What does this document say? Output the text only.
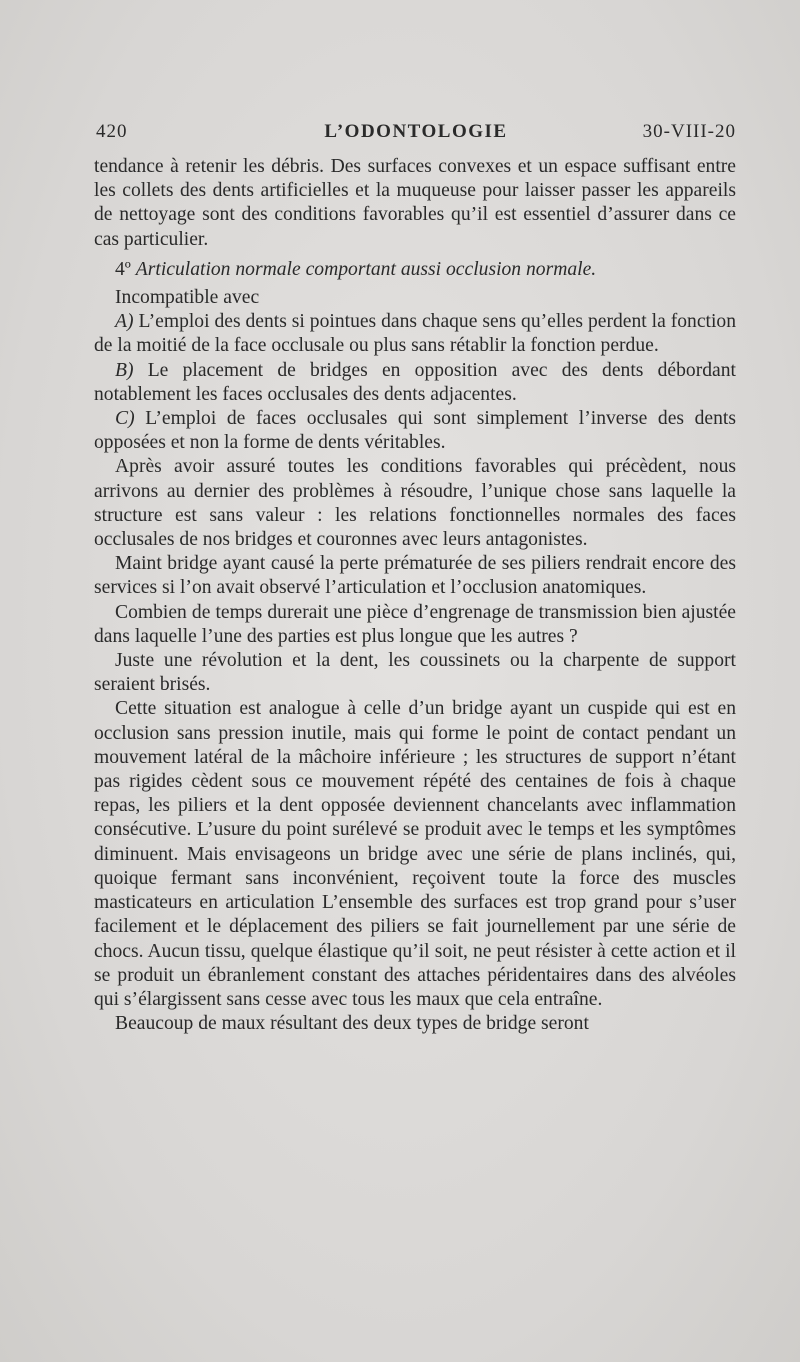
420	L’ODONTOLOGIE	30-VIII-20

tendance à retenir les débris. Des surfaces convexes et un espace suffisant entre les collets des dents artificielles et la muqueuse pour laisser passer les appareils de nettoyage sont des conditions favorables qu’il est essentiel d’assurer dans ce cas particulier.

4º Articulation normale comportant aussi occlusion normale.

Incompatible avec

A) L’emploi des dents si pointues dans chaque sens qu’elles perdent la fonction de la moitié de la face occlusale ou plus sans rétablir la fonction perdue.

B) Le placement de bridges en opposition avec des dents débordant notablement les faces occlusales des dents adjacentes.

C) L’emploi de faces occlusales qui sont simplement l’inverse des dents opposées et non la forme de dents véritables.

Après avoir assuré toutes les conditions favorables qui précèdent, nous arrivons au dernier des problèmes à résoudre, l’unique chose sans laquelle la structure est sans valeur : les relations fonctionnelles normales des faces occlusales de nos bridges et couronnes avec leurs antagonistes.

Maint bridge ayant causé la perte prématurée de ses piliers rendrait encore des services si l’on avait observé l’articulation et l’occlusion anatomiques.

Combien de temps durerait une pièce d’engrenage de transmission bien ajustée dans laquelle l’une des parties est plus longue que les autres ?

Juste une révolution et la dent, les coussinets ou la charpente de support seraient brisés.

Cette situation est analogue à celle d’un bridge ayant un cuspide qui est en occlusion sans pression inutile, mais qui forme le point de contact pendant un mouvement latéral de la mâchoire inférieure ; les structures de support n’étant pas rigides cèdent sous ce mouvement répété des centaines de fois à chaque repas, les piliers et la dent opposée deviennent chancelants avec inflammation consécutive. L’usure du point surélevé se produit avec le temps et les symptômes diminuent. Mais envisageons un bridge avec une série de plans inclinés, qui, quoique fermant sans inconvénient, reçoivent toute la force des muscles masticateurs en articulation L’ensemble des surfaces est trop grand pour s’user facilement et le déplacement des piliers se fait journellement par une série de chocs. Aucun tissu, quelque élastique qu’il soit, ne peut résister à cette action et il se produit un ébranlement constant des attaches péridentaires dans des alvéoles qui s’élargissent sans cesse avec tous les maux que cela entraîne.

Beaucoup de maux résultant des deux types de bridge seront
